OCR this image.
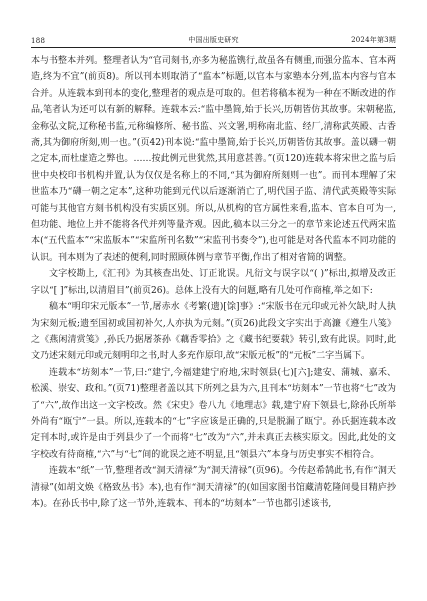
188	中国出版史研究	2024年第3期

本与书整本并列。整理者认为“官司刻书,亦多为秘监镌行,故虽各有侧重,而强分监本、官本两造,终为不宜”(前页8)。所以刊本则取消了“监本”标题,以官本与家塾本分列,监本内容与官本合并。从连载本到刊本的变化,整理者的观点是可取的。但若将稿本视为一种在不断改进的作品,笔者认为还可以有新的解释。连载本云:“监中墨简,始于长兴,历朝皆仿其故事。宋朝秘监,金称弘文院,辽称秘书监,元称编修所、秘书监、兴文署,明称南北监、经厂,清称武英殿、古香斋,其为御府所刻,则一也。”(页42)刊本说:“监中墨简,始于长兴,历朝皆仿其故事。盖以礴一朝之定本,而杜虚造之弊也。……按此例元世犹然,其用意甚善。”(页120)连载本将宋世之监与后世中央校印书机构并置,认为仅仅是名称上的不同,“其为御府所刻则一也”。而刊本理解了宋世监本乃“礴一朝之定本”,这种功能到元代以后逐渐消亡了,明代国子监、清代武英殿等实际可能与其他官方刻书机构没有实质区别。所以,从机构的官方属性来看,监本、官本自可为一,但功能、地位上并不能将各代并列等量齐观。因此,稿本以三分之一的章节来论述五代两宋监本(“五代监本”“宋监版本”“宋监所刊名数”“宋监刊书奏令”),也可能是对各代监本不同功能的认识。刊本则为了表述的便利,同时照顾体例与章节平衡,作出了相对省简的调整。

文字校勘上,《汇刊》为其核查出处、订正讹误。凡衍文与误字以“( )”标出,拟增及改正字以“[ ]”标出,以清眉目”(前页26)。总体上没有大的问题,略有几处可作商榷,举之如下:

稿本“明印宋元版本”一节,屠赤水《考繁(遗)[馀]事》:“宋版书在元印或元补欠缺,时人执为宋刻元板;遗至国初或国初补欠,人亦执为元刻。”(页26)此段文字实出于高濂《遵生八笺》之《燕闲清赏笺》,孙氏乃据屠茶孙《藕香零拾》之《藏书纪要载》转引,致有此误。同时,此文乃述宋刻元印或元刻明印之书,时人多充作原印,故“宋版元板”的“元板”二字当属下。

连载本“坊刻本”一节,曰:“建宁,今福建建宁府地,宋时领县(七)[六];建安、蒲城、嘉禾、松溪、崇安、政和。”(页71)整理者盖以其下所列之县为六,且刊本“坊刻本”一节也将“七”改为了“六”,故作出这一文字校改。然《宋史》卷八九《地理志》载,建宁府下领县七,除孙氏所举外尚有“瓯宁”一县。所以,连载本的“七”字应该是正确的,只是脱漏了瓯宁。孙氏据连载本改定刊本时,或许是由于列县少了一个而将“七”改为“六”,并未真正去核实原文。因此,此处的文字校改有待商榷,“六”与“七”间的讹误之迹不明显,且“领县六”本身与历史事实不相符合。

连载本“纸”一节,整理者改“洞天清禄”为“洞天清禄”(页96)。今传赵希鹄此书,有作“洞天清禄”(如胡文焕《格致丛书》本),也有作“洞天清禄”的(如国家图书馆藏清乾隆间曼目精庐抄本)。在孙氏书中,除了这一节外,连载本、刊本的“坊刻本”一节也都引述该书,
